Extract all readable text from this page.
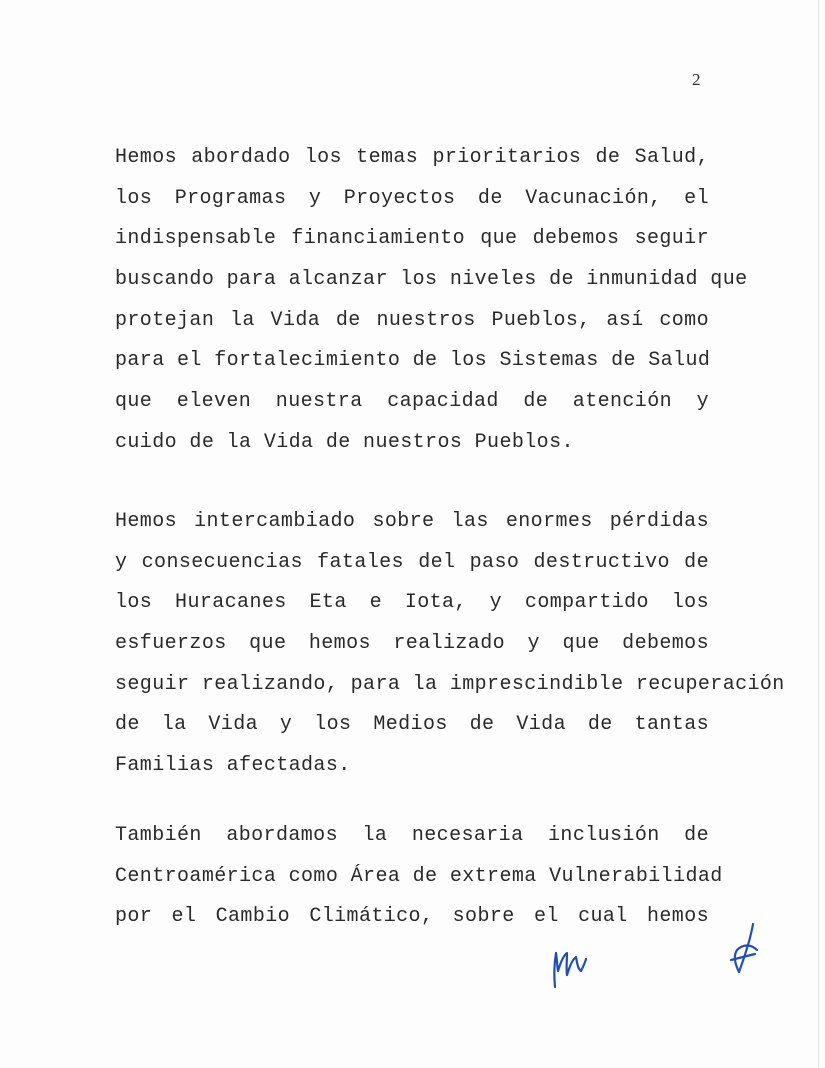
2
Hemos abordado los temas prioritarios de Salud,
los Programas y Proyectos de Vacunación, el
indispensable financiamiento que debemos seguir
buscando para alcanzar los niveles de inmunidad que
protejan la Vida de nuestros Pueblos, así como
para el fortalecimiento de los Sistemas de Salud
que eleven nuestra capacidad de atención y
cuido de la Vida de nuestros Pueblos.
Hemos intercambiado sobre las enormes pérdidas
y consecuencias fatales del paso destructivo de
los Huracanes Eta e Iota, y compartido los
esfuerzos que hemos realizado y que debemos
seguir realizando, para la imprescindible recuperación
de la Vida y los Medios de Vida de tantas
Familias afectadas.
También abordamos la necesaria inclusión de
Centroamérica como Área de extrema Vulnerabilidad
por el Cambio Climático, sobre el cual hemos
